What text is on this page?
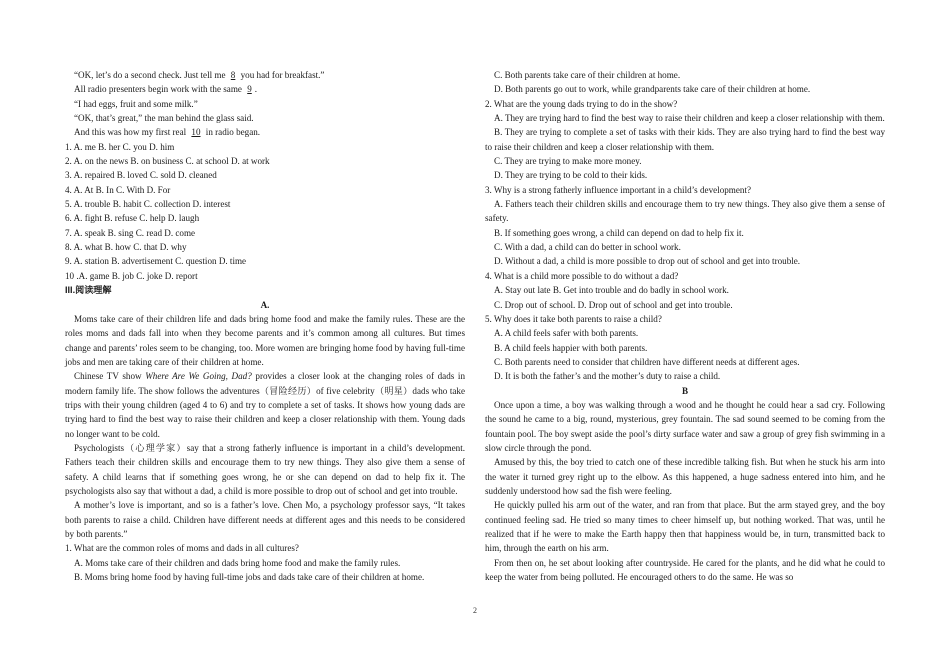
“OK, let’s do a second check. Just tell me 8 you had for breakfast.”
All radio presenters begin work with the same 9 .
“I had eggs, fruit and some milk.”
“OK, that’s great,” the man behind the glass said.
And this was how my first real 10 in radio began.
1. A. me B. her C. you D. him
2. A. on the news B. on business C. at school D. at work
3. A. repaired B. loved C. sold D. cleaned
4. A. At B. In C. With D. For
5. A. trouble B. habit C. collection D. interest
6. A. fight B. refuse C. help D. laugh
7. A. speak B. sing C. read D. come
8. A. what B. how C. that D. why
9. A. station B. advertisement C. question D. time
10 .A. game B. job C. joke D. report
III.阅读理解
A.

Moms take care of their children life and dads bring home food and make the family rules. These are the roles moms and dads fall into when they become parents and it’s common among all cultures. But times change and parents’ roles seem to be changing, too. More women are bringing home food by having full-time jobs and men are taking care of their children at home.

Chinese TV show Where Are We Going, Dad? provides a closer look at the changing roles of dads in modern family life. The show follows the adventures（冒险经历）of five celebrity（明星）dads who take trips with their young children (aged 4 to 6) and try to complete a set of tasks. It shows how young dads are trying hard to find the best way to raise their children and keep a closer relationship with them. Young dads no longer want to be cold.

Psychologists（心理学家）say that a strong fatherly influence is important in a child’s development. Fathers teach their children skills and encourage them to try new things. They also give them a sense of safety. A child learns that if something goes wrong, he or she can depend on dad to help fix it. The psychologists also say that without a dad, a child is more possible to drop out of school and get into trouble.

A mother’s love is important, and so is a father’s love. Chen Mo, a psychology professor says, “It takes both parents to raise a child. Children have different needs at different ages and this needs to be considered by both parents.”

1. What are the common roles of moms and dads in all cultures?
A. Moms take care of their children and dads bring home food and make the family rules.
B. Moms bring home food by having full-time jobs and dads take care of their children at home.
C. Both parents take care of their children at home.
D. Both parents go out to work, while grandparents take care of their children at home.
2. What are the young dads trying to do in the show?

A. They are trying hard to find the best way to raise their children and keep a closer relationship with them.

B. They are trying to complete a set of tasks with their kids. They are also trying hard to find the best way to raise their children and keep a closer relationship with them.

C. They are trying to make more money.
D. They are trying to be cold to their kids.
3. Why is a strong fatherly influence important in a child’s development?

A. Fathers teach their children skills and encourage them to try new things. They also give them a sense of safety.

B. If something goes wrong, a child can depend on dad to help fix it.
C. With a dad, a child can do better in school work.
D. Without a dad, a child is more possible to drop out of school and get into trouble.
4. What is a child more possible to do without a dad?
A. Stay out late B. Get into trouble and do badly in school work.
C. Drop out of school. D. Drop out of school and get into trouble.
5. Why does it take both parents to raise a child?
A. A child feels safer with both parents.
B. A child feels happier with both parents.
C. Both parents need to consider that children have different needs at different ages.
D. It is both the father’s and the mother’s duty to raise a child.
B

Once upon a time, a boy was walking through a wood and he thought he could hear a sad cry. Following the sound he came to a big, round, mysterious, grey fountain. The sad sound seemed to be coming from the fountain pool. The boy swept aside the pool’s dirty surface water and saw a group of grey fish swimming in a slow circle through the pond.

Amused by this, the boy tried to catch one of these incredible talking fish. But when he stuck his arm into the water it turned grey right up to the elbow. As this happened, a huge sadness entered into him, and he suddenly understood how sad the fish were feeling.

He quickly pulled his arm out of the water, and ran from that place. But the arm stayed grey, and the boy continued feeling sad. He tried so many times to cheer himself up, but nothing worked. That was, until he realized that if he were to make the Earth happy then that happiness would be, in turn, transmitted back to him, through the earth on his arm.

From then on, he set about looking after countryside. He cared for the plants, and he did what he could to keep the water from being polluted. He encouraged others to do the same. He was so

2
